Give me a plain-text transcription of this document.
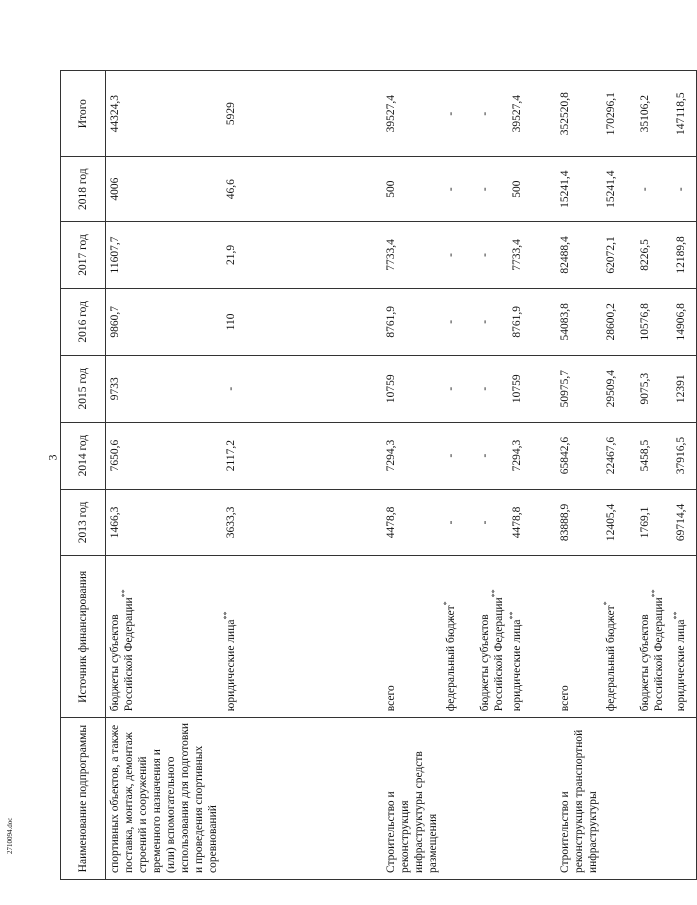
3
2710094.doc	Наименование подпрограммы	Источник финансирования	2013 год	2014 год	2015 год	2016 год	2017 год	2018 год	Итого
спортивных объектов, а также поставка, монтаж, демонтаж строений и сооружений временного назначения и (или) вспомогательного использования для подготовки и проведения спортивных соревнований	бюджеты субъектов Российской Федерации**	1466,3	7650,6	9733	9860,7	11607,7	4006	44324,3
	юридические лица**	3633,3	2117,2	-	110	21,9	46,6	5929
Строительство и реконструкция инфраструктуры средств размещения	всего	4478,8	7294,3	10759	8761,9	7733,4	500	39527,4
	федеральный бюджет*	-	-	-	-	-	-	-
	бюджеты субъектов Российской Федерации**	-	-	-	-	-	-	-
	юридические лица**	4478,8	7294,3	10759	8761,9	7733,4	500	39527,4
Строительство и реконструкция транспортной инфраструктуры	всего	83888,9	65842,6	50975,7	54083,8	82488,4	15241,4	352520,8
	федеральный бюджет*	12405,4	22467,6	29509,4	28600,2	62072,1	15241,4	170296,1
	бюджеты субъектов Российской Федерации**	1769,1	5458,5	9075,3	10576,8	8226,5	-	35106,2
	юридические лица**	69714,4	37916,5	12391	14906,8	12189,8	-	147118,5
